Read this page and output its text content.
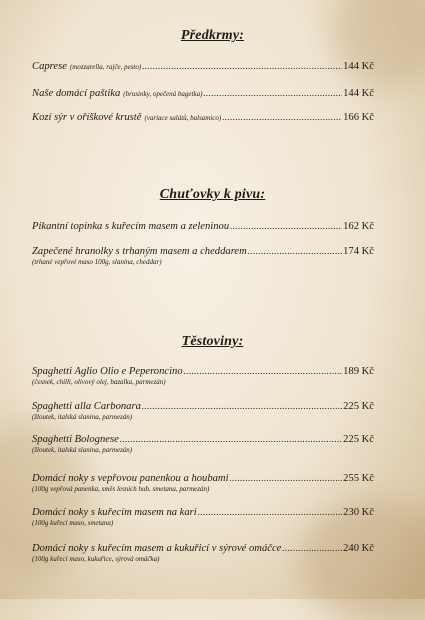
Předkrmy:
Caprese (mozzarella, rajče, pesto) .....	144 Kč
Naše domácí paštika (brusinky, opečená bagetka) .....	144 Kč
Kozí sýr v oříškové krustě (variace salátů, balsamico) .....	166 Kč
Chuťovky k pivu:
Pikantní topinka s kuřecím masem a zeleninou .....	162 Kč
Zapečené hranolky s trhaným masem a cheddarem .....	174 Kč
(trhané vepřové maso 100g, slanina, cheddar)
Těstoviny:
Spaghetti Aglio Olio e Peperoncino .....	189 Kč
(česnek, chilli, olivový olej, bazalka, parmezán)
Spaghetti alla Carbonara .....	225 Kč
(žloutek, italská slanina, parmezán)
Spaghetti Bolognese .....	225 Kč
(žloutek, italská slanina, parmezán)
Domácí noky s vepřovou panenkou a houbami .....	255 Kč
(100g vepřová panenka, směs lesních hub, smetana, parmezán)
Domácí noky s kuřecím masem na kari .....	230 Kč
(100g kuřecí maso, smetana)
Domácí noky s kuřecím masem a kukuřicí v sýrové omáčce .....	240 Kč
(100g kuřecí maso, kukuřice, sýrová omáčka)
